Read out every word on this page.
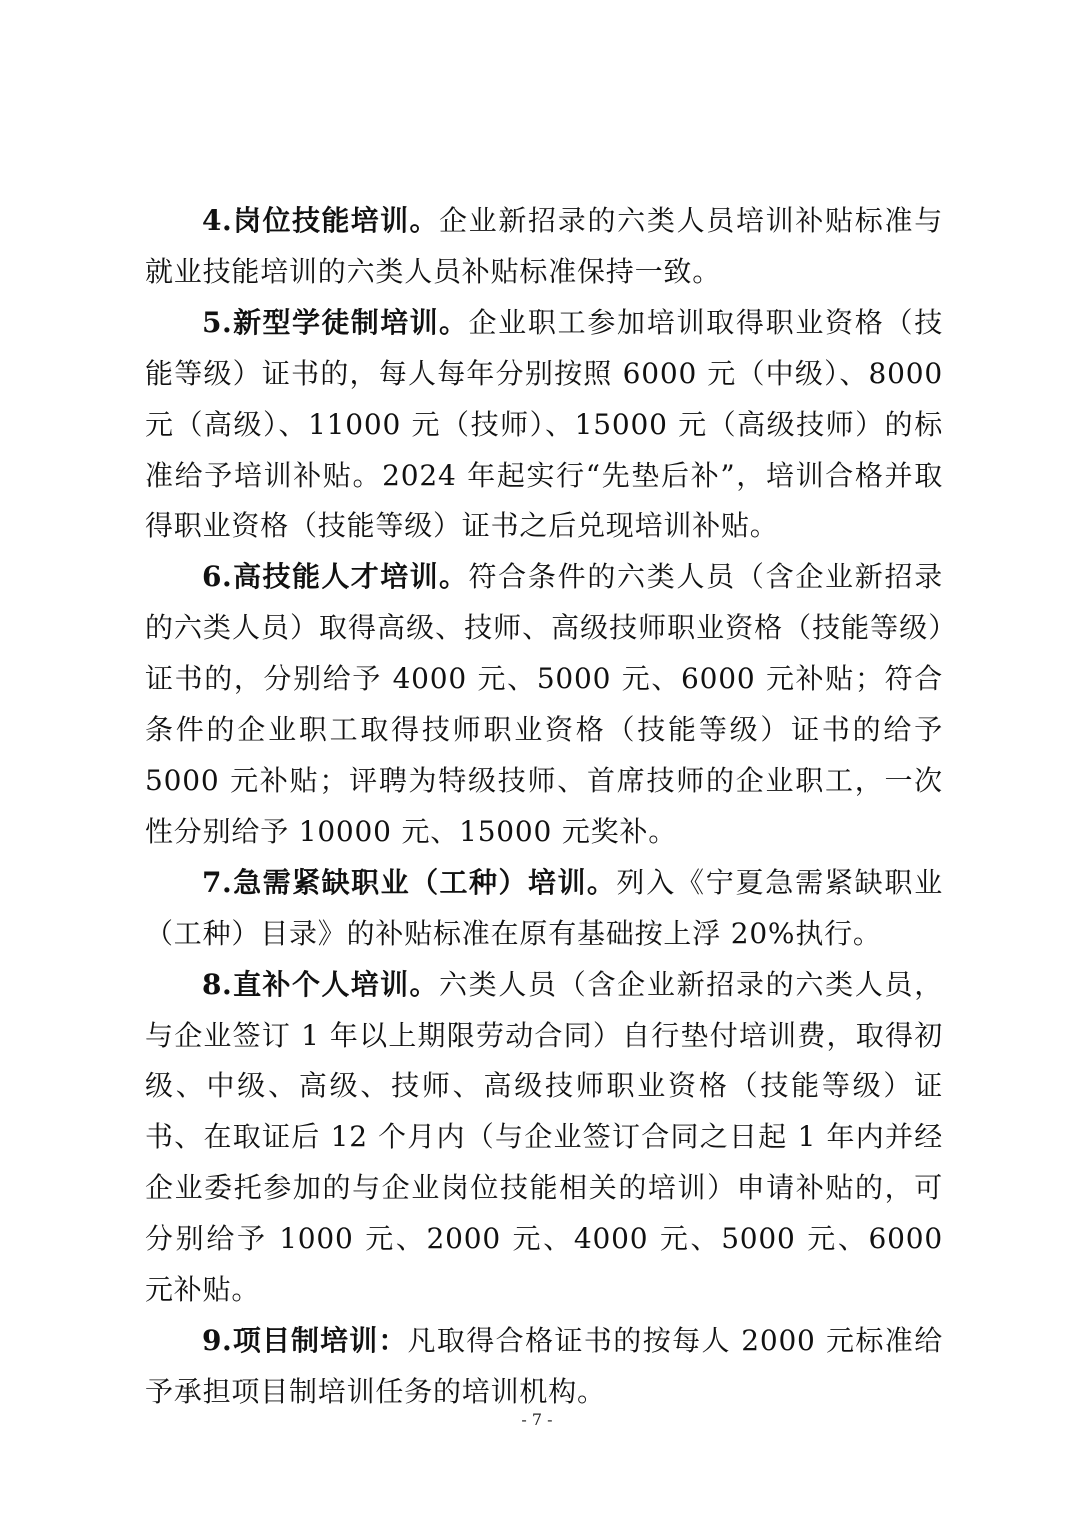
4.岗位技能培训。企业新招录的六类人员培训补贴标准与就业技能培训的六类人员补贴标准保持一致。

5.新型学徒制培训。企业职工参加培训取得职业资格（技能等级）证书的，每人每年分别按照 6000 元（中级）、8000 元（高级）、11000 元（技师）、15000 元（高级技师）的标准给予培训补贴。2024 年起实行“先垫后补”，培训合格并取得职业资格（技能等级）证书之后兑现培训补贴。

6.高技能人才培训。符合条件的六类人员（含企业新招录的六类人员）取得高级、技师、高级技师职业资格（技能等级）证书的，分别给予 4000 元、5000 元、6000 元补贴；符合条件的企业职工取得技师职业资格（技能等级）证书的给予 5000 元补贴；评聘为特级技师、首席技师的企业职工，一次性分别给予 10000 元、15000 元奖补。

7.急需紧缺职业（工种）培训。列入《宁夏急需紧缺职业（工种）目录》的补贴标准在原有基础按上浮 20%执行。

8.直补个人培训。六类人员（含企业新招录的六类人员，与企业签订 1 年以上期限劳动合同）自行垫付培训费，取得初级、中级、高级、技师、高级技师职业资格（技能等级）证书、在取证后 12 个月内（与企业签订合同之日起 1 年内并经企业委托参加的与企业岗位技能相关的培训）申请补贴的，可分别给予 1000 元、2000 元、4000 元、5000 元、6000 元补贴。

9.项目制培训：凡取得合格证书的按每人 2000 元标准给予承担项目制培训任务的培训机构。

- 7 -
